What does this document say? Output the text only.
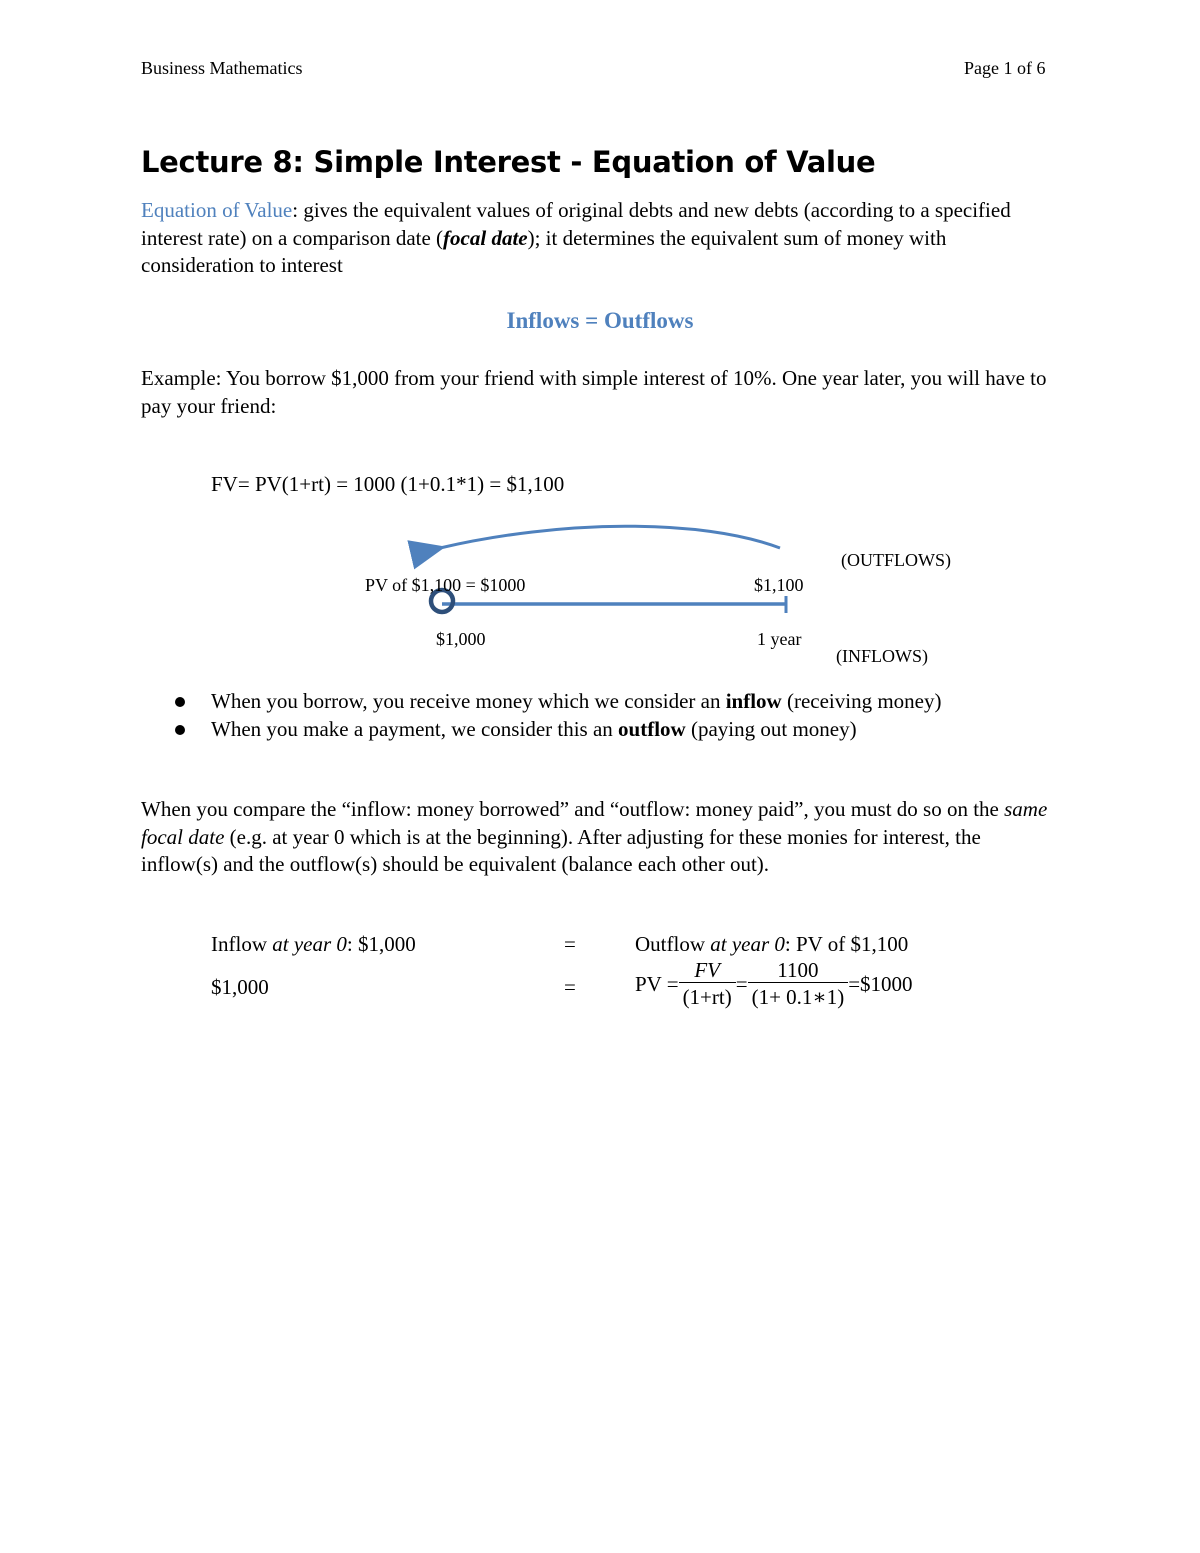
Business Mathematics	Page 1 of 6
Lecture 8: Simple Interest - Equation of Value
Equation of Value: gives the equivalent values of original debts and new debts (according to a specified interest rate) on a comparison date (focal date); it determines the equivalent sum of money with consideration to interest
Inflows = Outflows
Example: You borrow $1,000 from your friend with simple interest of 10%. One year later, you will have to pay your friend:
FV= PV(1+rt) = 1000 (1+0.1*1) = $1,100
PV of $1,100 = $1000	$1,100
$1,000	1 year
(OUTFLOWS)
(INFLOWS)
When you borrow, you receive money which we consider an inflow (receiving money)
When you make a payment, we consider this an outflow (paying out money)
When you compare the “inflow: money borrowed” and “outflow: money paid”, you must do so on the same focal date (e.g. at year 0 which is at the beginning). After adjusting for these monies for interest, the inflow(s) and the outflow(s) should be equivalent (balance each other out).
Inflow at year 0: $1,000	=	Outflow at year 0: PV of $1,100
$1,000	=	PV = $\frac{FV}{(1+rt)} = \frac{1100}{(1+ 0.1∗1)}$ =$1000
